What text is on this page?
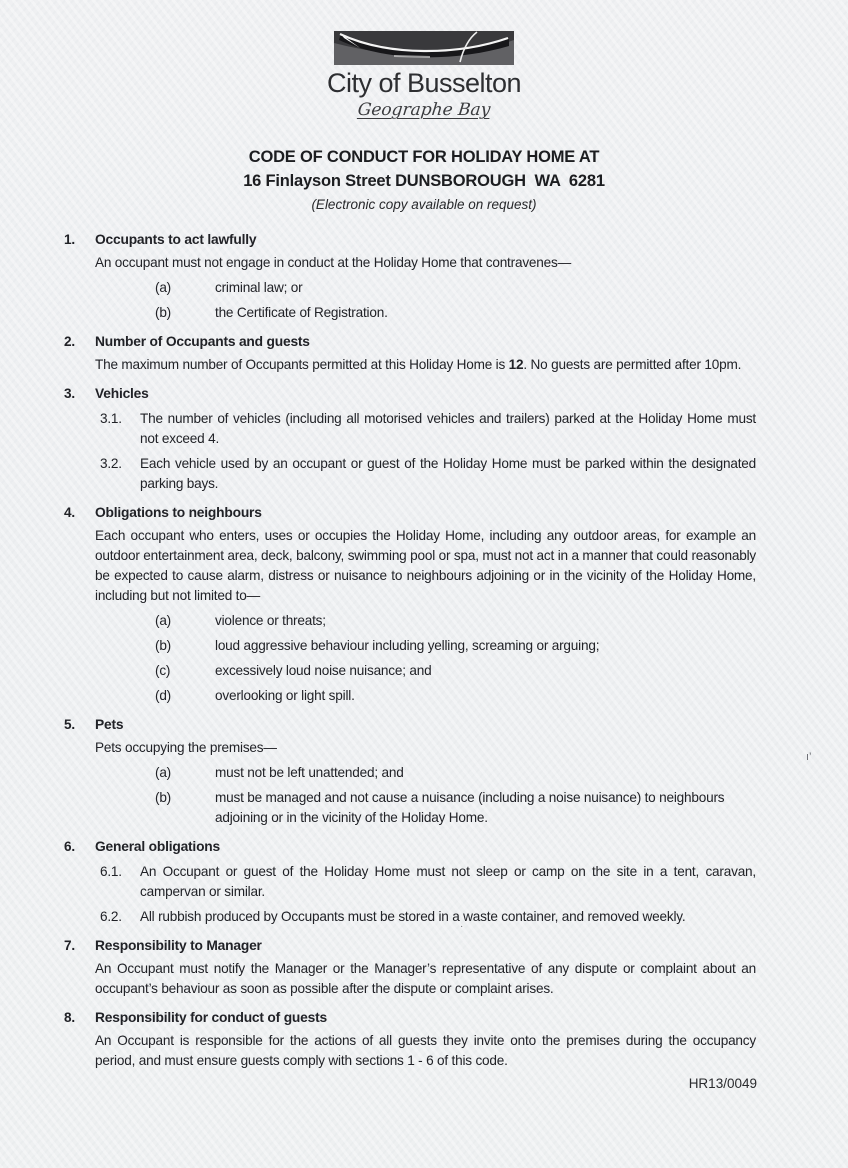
City of Busselton
Geographe Bay
CODE OF CONDUCT FOR HOLIDAY HOME AT
16 Finlayson Street DUNSBOROUGH  WA  6281
(Electronic copy available on request)
1. Occupants to act lawfully

An occupant must not engage in conduct at the Holiday Home that contravenes—

(a)	criminal law; or
(b)	the Certificate of Registration.
2. Number of Occupants and guests

The maximum number of Occupants permitted at this Holiday Home is 12. No guests are permitted after 10pm.

3. Vehicles
3.1. The number of vehicles (including all motorised vehicles and trailers) parked at the Holiday Home must not exceed 4.

3.2. Each vehicle used by an occupant or guest of the Holiday Home must be parked within the designated parking bays.

4. Obligations to neighbours

Each occupant who enters, uses or occupies the Holiday Home, including any outdoor areas, for example an outdoor entertainment area, deck, balcony, swimming pool or spa, must not act in a manner that could reasonably be expected to cause alarm, distress or nuisance to neighbours adjoining or in the vicinity of the Holiday Home, including but not limited to—

(a)	violence or threats;
(b)	loud aggressive behaviour including yelling, screaming or arguing;
(c)	excessively loud noise nuisance; and
(d)	overlooking or light spill.
5. Pets

Pets occupying the premises—

(a)	must not be left unattended; and
(b)	must be managed and not cause a nuisance (including a noise nuisance) to neighbours adjoining or in the vicinity of the Holiday Home.
6. General obligations
6.1. An Occupant or guest of the Holiday Home must not sleep or camp on the site in a tent, caravan, campervan or similar.

6.2. All rubbish produced by Occupants must be stored in a waste container, and removed weekly.

7. Responsibility to Manager

An Occupant must notify the Manager or the Manager’s representative of any dispute or complaint about an occupant’s behaviour as soon as possible after the dispute or complaint arises.

8. Responsibility for conduct of guests

An Occupant is responsible for the actions of all guests they invite onto the premises during the occupancy period, and must ensure guests comply with sections 1 - 6 of this code.

HR13/0049
ı’
·
